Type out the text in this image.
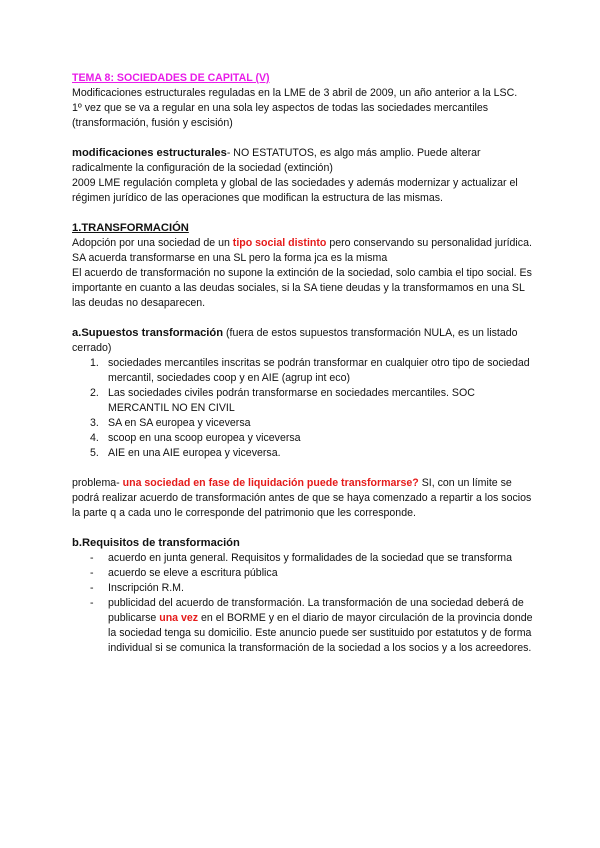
TEMA 8: SOCIEDADES DE CAPITAL (V)

Modificaciones estructurales reguladas en la LME de 3 abril de 2009, un año anterior a la LSC.

1º vez que se va a regular en una sola ley aspectos de todas las sociedades mercantiles (transformación, fusión y escisión)

modificaciones estructurales- NO ESTATUTOS, es algo más amplio. Puede alterar radicalmente la configuración de la sociedad (extinción)

2009 LME regulación completa y global de las sociedades y además modernizar y actualizar el régimen jurídico de las operaciones que modifican la estructura de las mismas.

1.TRANSFORMACIÓN

Adopción por una sociedad de un tipo social distinto pero conservando su personalidad jurídica.

SA acuerda transformarse en una SL pero la forma jca es la misma

El acuerdo de transformación no supone la extinción de la sociedad, solo cambia el tipo social. Es importante en cuanto a las deudas sociales, si la SA tiene deudas y la transformamos en una SL las deudas no desaparecen.

a.Supuestos transformación (fuera de estos supuestos transformación NULA, es un listado cerrado)

1. sociedades mercantiles inscritas se podrán transformar en cualquier otro tipo de sociedad mercantil, sociedades coop y en AIE (agrup int eco)
2. Las sociedades civiles podrán transformarse en sociedades mercantiles. SOC MERCANTIL NO EN CIVIL
3. SA en SA europea y viceversa
4. scoop en una scoop europea y viceversa
5. AIE en una AIE europea y viceversa.

problema- una sociedad en fase de liquidación puede transformarse? SI, con un límite se podrá realizar acuerdo de transformación antes de que se haya comenzado a repartir a los socios la parte q a cada uno le corresponde del patrimonio que les corresponde.

b.Requisitos de transformación

- acuerdo en junta general. Requisitos y formalidades de la sociedad que se transforma
- acuerdo se eleve a escritura pública
- Inscripción R.M.
- publicidad del acuerdo de transformación. La transformación de una sociedad deberá de publicarse una vez en el BORME y en el diario de mayor circulación de la provincia donde la sociedad tenga su domicilio. Este anuncio puede ser sustituido por estatutos y de forma individual si se comunica la transformación de la sociedad a los socios y a los acreedores.
